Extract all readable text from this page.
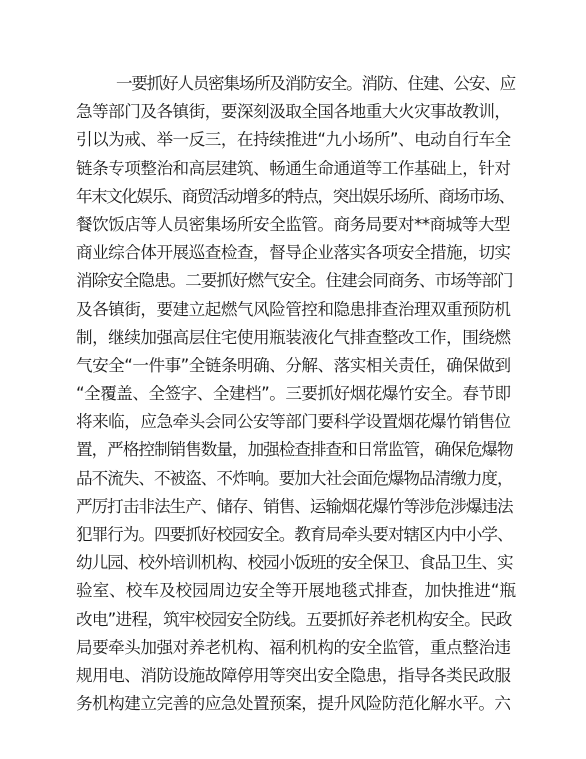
一要抓好人员密集场所及消防安全。消防、住建、公安、应
急等部门及各镇街，要深刻汲取全国各地重大火灾事故教训，
引以为戒、举一反三，在持续推进“九小场所”、电动自行车全
链条专项整治和高层建筑、畅通生命通道等工作基础上，针对
年末文化娱乐、商贸活动增多的特点，突出娱乐场所、商场市场、
餐饮饭店等人员密集场所安全监管。商务局要对**商城等大型
商业综合体开展巡查检查，督导企业落实各项安全措施，切实
消除安全隐患。二要抓好燃气安全。住建会同商务、市场等部门
及各镇街，要建立起燃气风险管控和隐患排查治理双重预防机
制，继续加强高层住宅使用瓶装液化气排查整改工作，围绕燃
气安全“一件事”全链条明确、分解、落实相关责任，确保做到
“全覆盖、全签字、全建档”。三要抓好烟花爆竹安全。春节即
将来临，应急牵头会同公安等部门要科学设置烟花爆竹销售位
置，严格控制销售数量，加强检查排查和日常监管，确保危爆物
品不流失、不被盗、不炸响。要加大社会面危爆物品清缴力度，
严厉打击非法生产、储存、销售、运输烟花爆竹等涉危涉爆违法
犯罪行为。四要抓好校园安全。教育局牵头要对辖区内中小学、
幼儿园、校外培训机构、校园小饭班的安全保卫、食品卫生、实
验室、校车及校园周边安全等开展地毯式排查，加快推进“瓶
改电”进程，筑牢校园安全防线。五要抓好养老机构安全。民政
局要牵头加强对养老机构、福利机构的安全监管，重点整治违
规用电、消防设施故障停用等突出安全隐患，指导各类民政服
务机构建立完善的应急处置预案，提升风险防范化解水平。六
